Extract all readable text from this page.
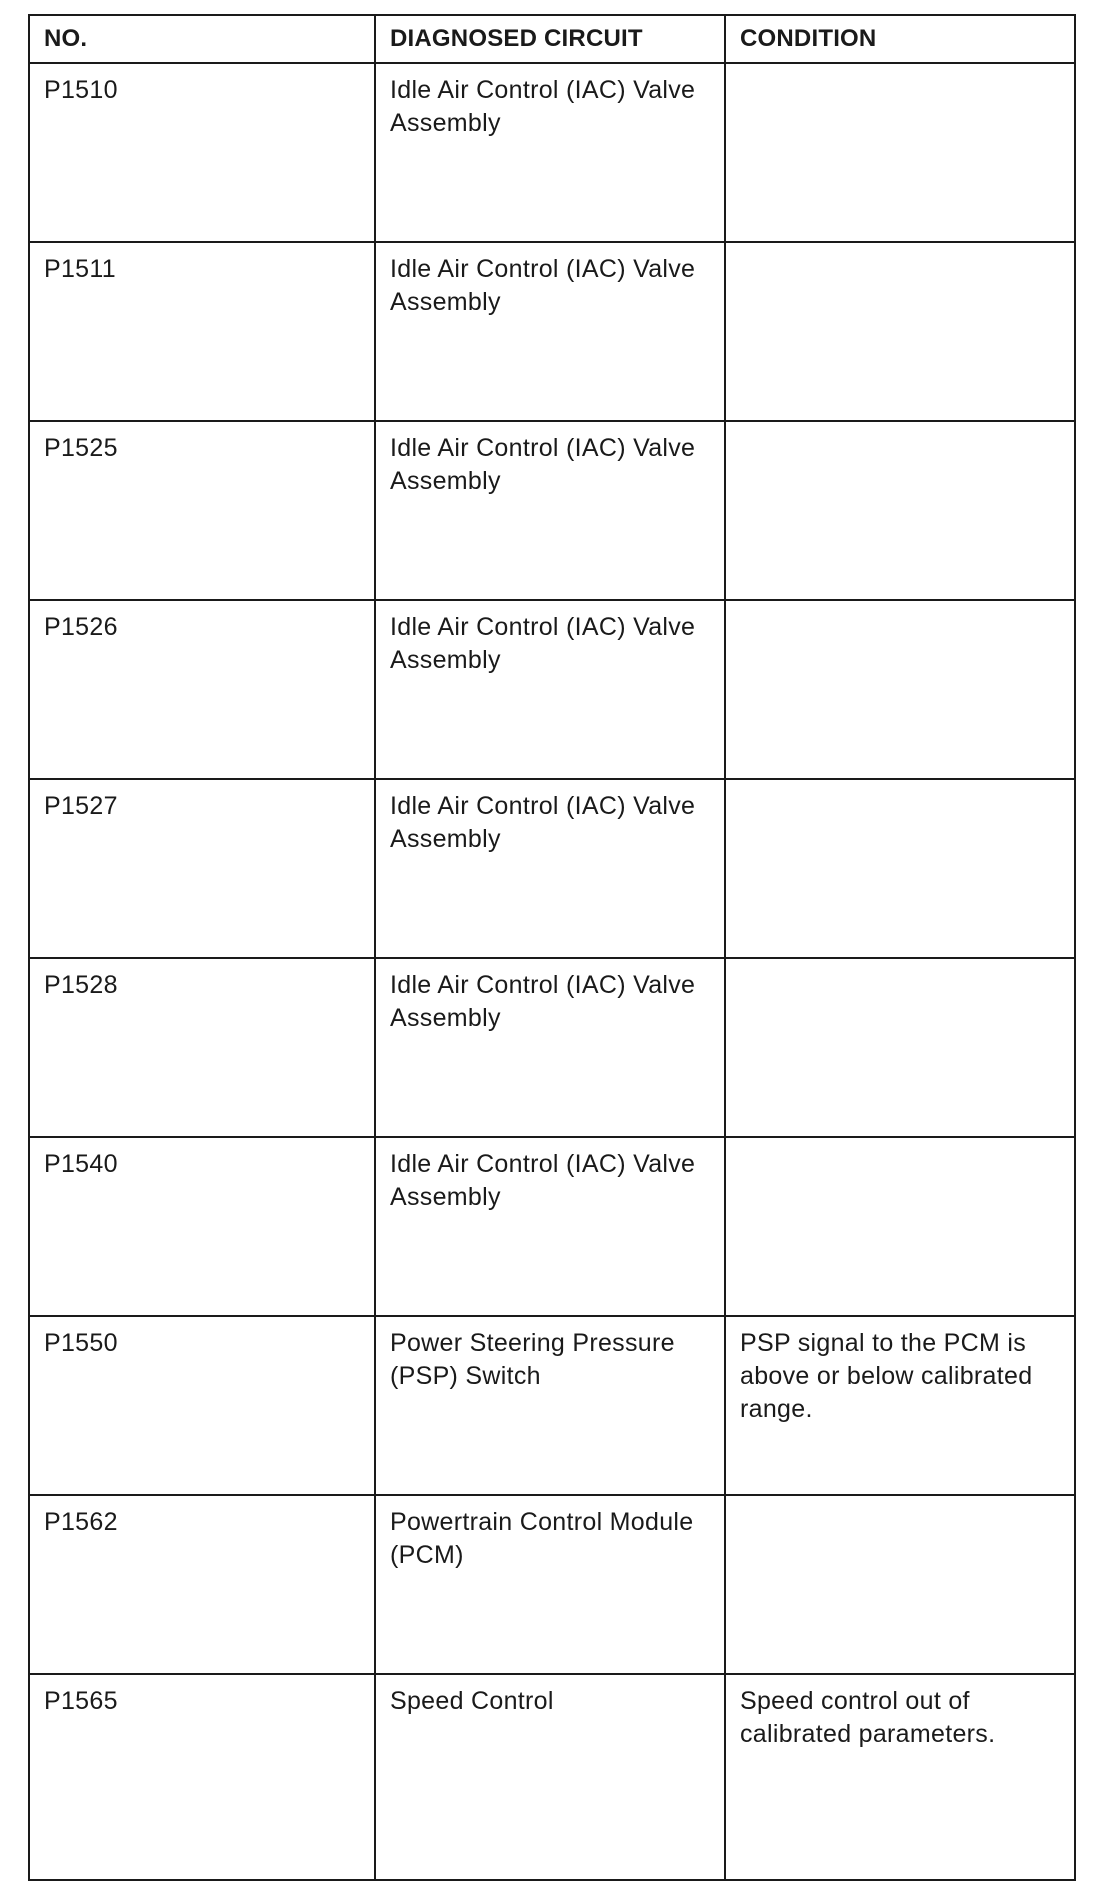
NO.	DIAGNOSED CIRCUIT	CONDITION

P1510	Idle Air Control (IAC) Valve Assembly	

P1511	Idle Air Control (IAC) Valve Assembly	

P1525	Idle Air Control (IAC) Valve Assembly	

P1526	Idle Air Control (IAC) Valve Assembly	

P1527	Idle Air Control (IAC) Valve Assembly	

P1528	Idle Air Control (IAC) Valve Assembly	

P1540	Idle Air Control (IAC) Valve Assembly	

P1550	Power Steering Pressure (PSP) Switch	PSP signal to the PCM is above or below calibrated range.

P1562	Powertrain Control Module (PCM)	

P1565	Speed Control	Speed control out of calibrated parameters.
